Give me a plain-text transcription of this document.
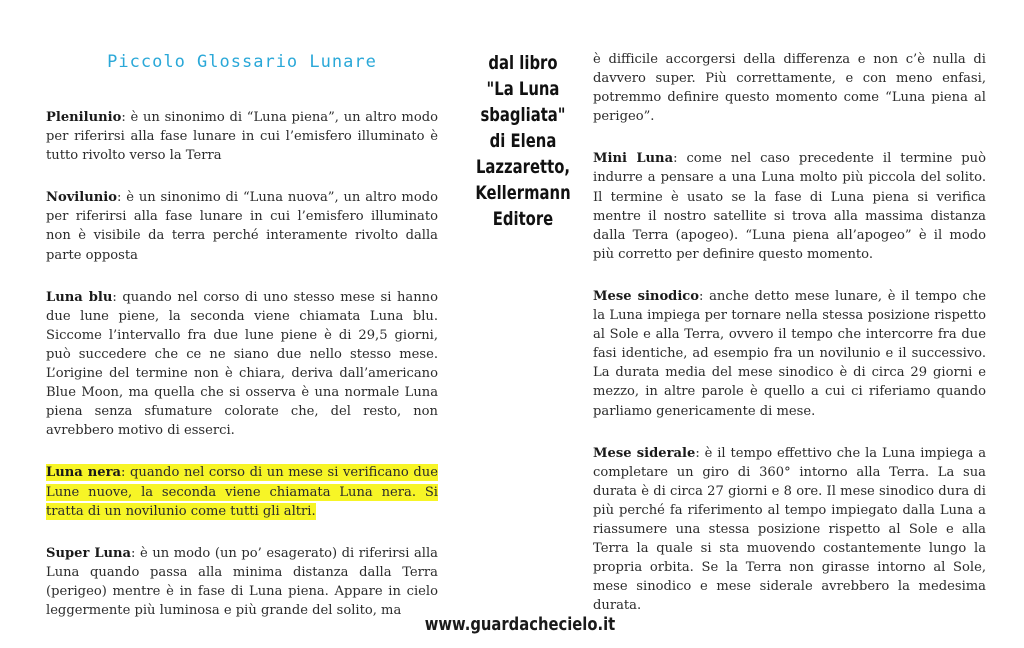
Piccolo Glossario Lunare

Plenilunio: è un sinonimo di “Luna piena”, un altro modo per riferirsi alla fase lunare in cui l’emisfero illuminato è tutto rivolto verso la Terra

Novilunio: è un sinonimo di “Luna nuova”, un altro modo per riferirsi alla fase lunare in cui l’emisfero illuminato non è visibile da terra perché interamente rivolto dalla parte opposta

Luna blu: quando nel corso di uno stesso mese si hanno due lune piene, la seconda viene chiamata Luna blu. Siccome l’intervallo fra due lune piene è di 29,5 giorni, può succedere che ce ne siano due nello stesso mese. L’origine del termine non è chiara, deriva dall’americano Blue Moon, ma quella che si osserva è una normale Luna piena senza sfumature colorate che, del resto, non avrebbero motivo di esserci.

Luna nera: quando nel corso di un mese si verificano due Lune nuove, la seconda viene chiamata Luna nera. Si tratta di un novilunio come tutti gli altri.

Super Luna: è un modo (un po’ esagerato) di riferirsi alla Luna quando passa alla minima distanza dalla Terra (perigeo) mentre è in fase di Luna piena. Appare in cielo leggermente più luminosa e più grande del solito, ma

dal libro
"La Luna
sbagliata"
di Elena
Lazzaretto,
Kellermann
Editore

è difficile accorgersi della differenza e non c’è nulla di davvero super. Più correttamente, e con meno enfasi, potremmo definire questo momento come “Luna piena al perigeo”.

Mini Luna: come nel caso precedente il termine può indurre a pensare a una Luna molto più piccola del solito. Il termine è usato se la fase di Luna piena si verifica mentre il nostro satellite si trova alla massima distanza dalla Terra (apogeo). “Luna piena all’apogeo” è il modo più corretto per definire questo momento.

Mese sinodico: anche detto mese lunare, è il tempo che la Luna impiega per tornare nella stessa posizione rispetto al Sole e alla Terra, ovvero il tempo che intercorre fra due fasi identiche, ad esempio fra un novilunio e il successivo. La durata media del mese sinodico è di circa 29 giorni e mezzo, in altre parole è quello a cui ci riferiamo quando parliamo genericamente di mese.

Mese siderale: è il tempo effettivo che la Luna impiega a completare un giro di 360° intorno alla Terra. La sua durata è di circa 27 giorni e 8 ore. Il mese sinodico dura di più perché fa riferimento al tempo impiegato dalla Luna a riassumere una stessa posizione rispetto al Sole e alla Terra la quale si sta muovendo costantemente lungo la propria orbita. Se la Terra non girasse intorno al Sole, mese sinodico e mese siderale avrebbero la medesima durata.

www.guardachecielo.it
